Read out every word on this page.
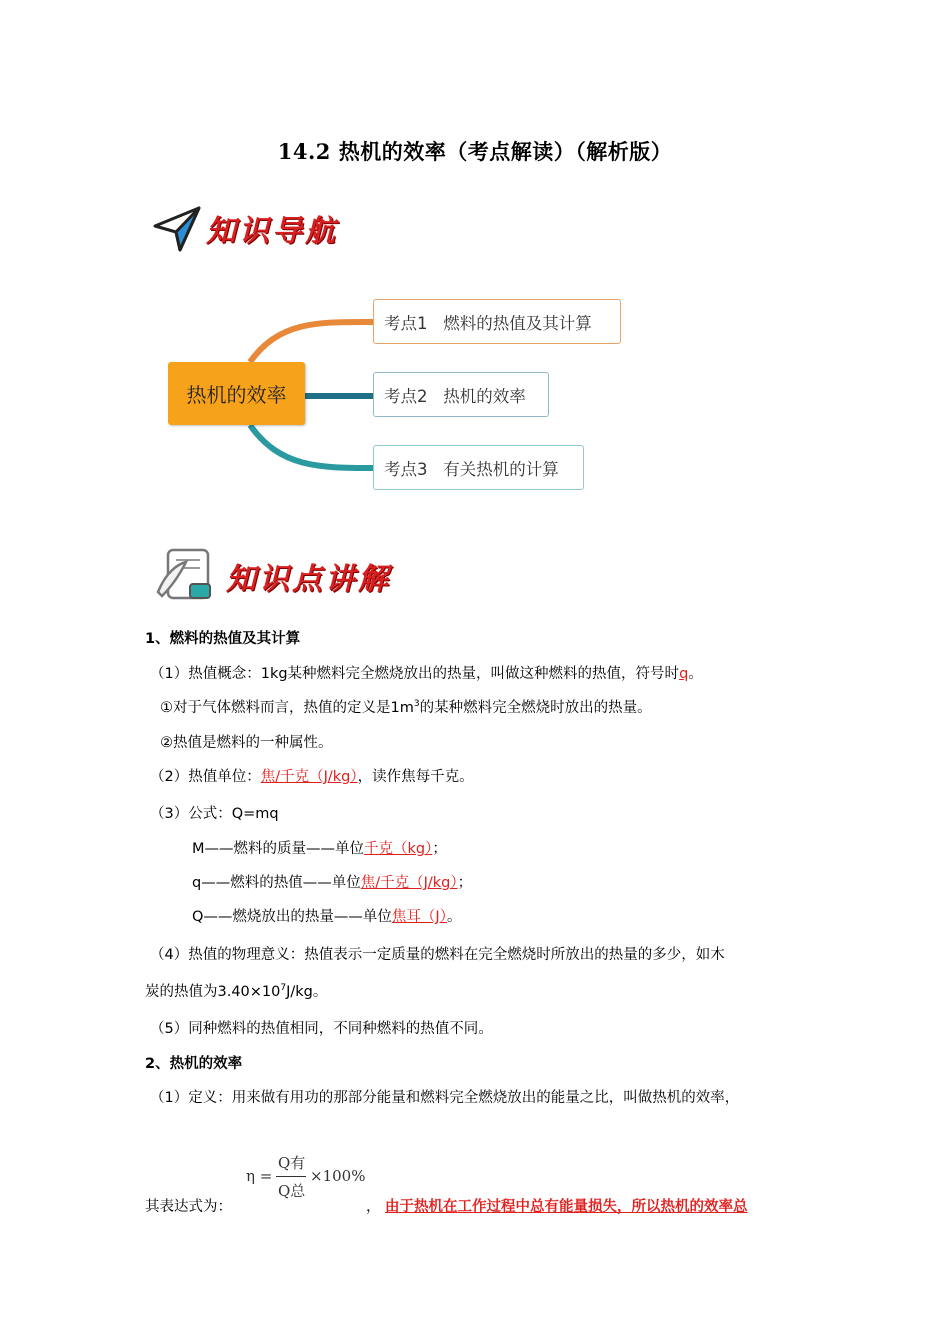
14.2 热机的效率（考点解读）（解析版）
知识导航
热机的效率
考点1   燃料的热值及其计算
考点2   热机的效率
考点3   有关热机的计算
知识点讲解
1、燃料的热值及其计算
（1）热值概念：1kg某种燃料完全燃烧放出的热量，叫做这种燃料的热值，符号时q。
①对于气体燃料而言，热值的定义是$1m^3$的某种燃料完全燃烧时放出的热量。
②热值是燃料的一种属性。
（2）热值单位：焦/千克（J/kg），读作焦每千克。
（3）公式：Q=mq
M——燃料的质量——单位千克（kg）；
q——燃料的热值——单位焦/千克（J/kg）；
Q——燃烧放出的热量——单位焦耳（J）。
（4）热值的物理意义：热值表示一定质量的燃料在完全燃烧时所放出的热量的多少，如木
炭的热值为$3.40\times 10^7J/kg$。
（5）同种燃料的热值相同，不同种燃料的热值不同。
2、热机的效率
（1）定义：用来做有用功的那部分能量和燃料完全燃烧放出的能量之比，叫做热机的效率，
η =
Q有
Q总
×100%
其表达式为：	， 由于热机在工作过程中总有能量损失，所以热机的效率总
